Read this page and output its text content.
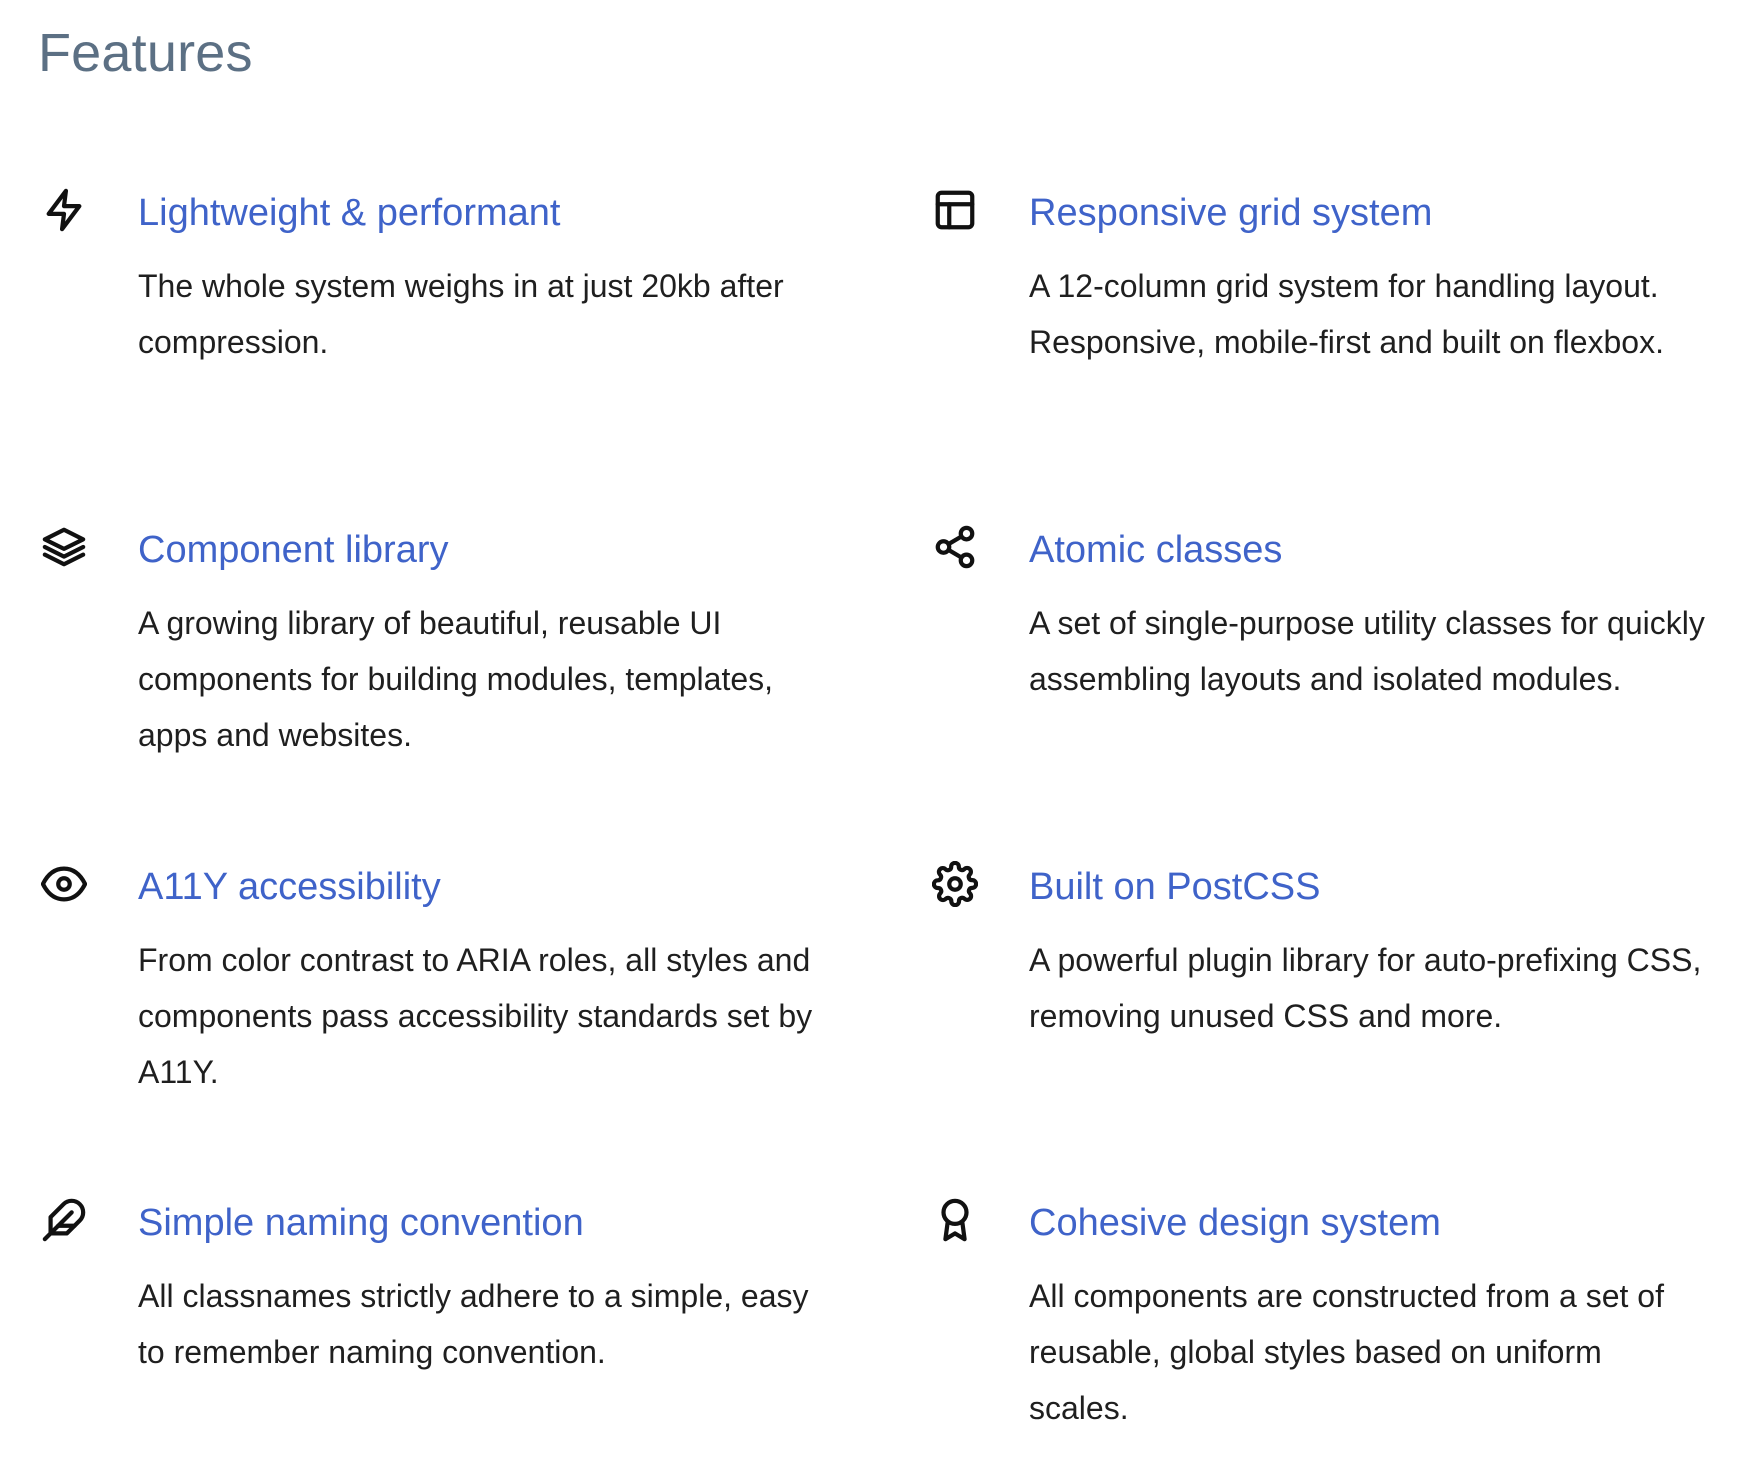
Features
Lightweight & performant

The whole system weighs in at just 20kb after compression.

Responsive grid system

A 12-column grid system for handling layout. Responsive, mobile-first and built on flexbox.

Component library

A growing library of beautiful, reusable UI components for building modules, templates, apps and websites.

Atomic classes

A set of single-purpose utility classes for quickly assembling layouts and isolated modules.

A11Y accessibility

From color contrast to ARIA roles, all styles and components pass accessibility standards set by A11Y.

Built on PostCSS

A powerful plugin library for auto-prefixing CSS, removing unused CSS and more.

Simple naming convention

All classnames strictly adhere to a simple, easy to remember naming convention.

Cohesive design system

All components are constructed from a set of reusable, global styles based on uniform scales.
